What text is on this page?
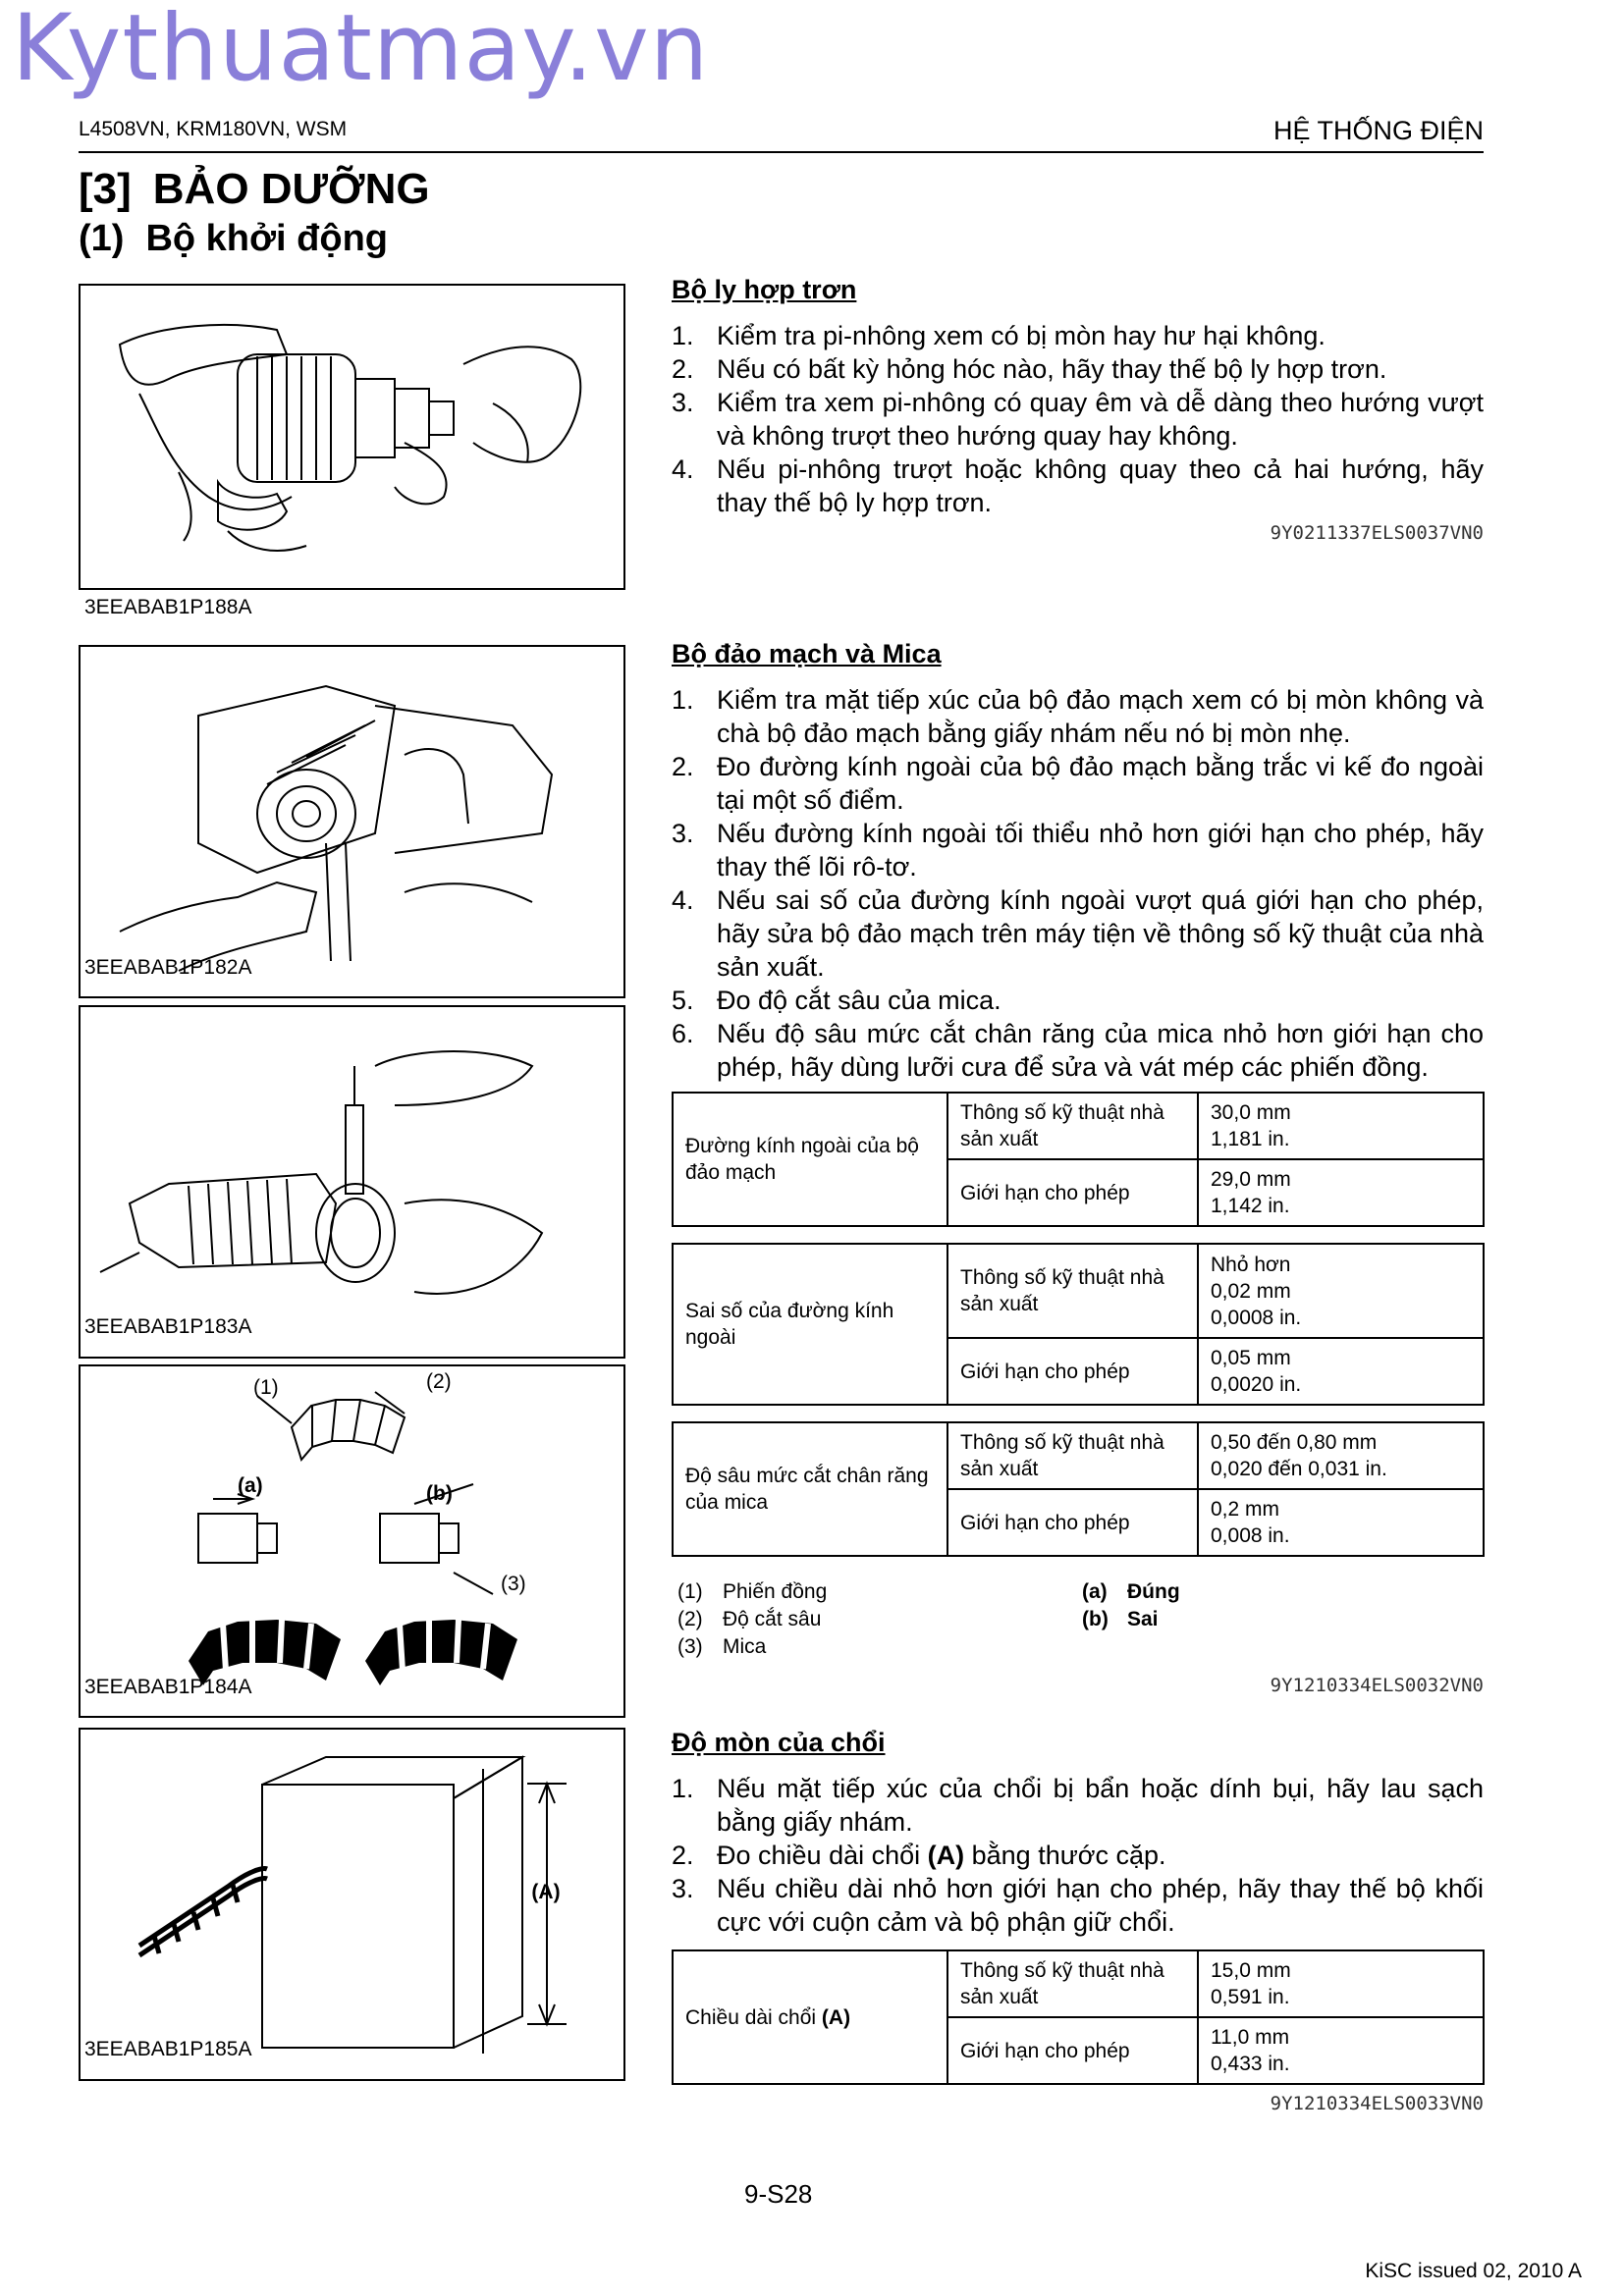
Kythuatmay.vn
L4508VN, KRM180VN, WSM	HỆ THỐNG ĐIỆN
[3] BẢO DƯỠNG
(1) Bộ khởi động
3EEABAB1P188A
3EEABAB1P182A
3EEABAB1P183A
(1)	(2)
(a)	(b)
(3)
3EEABAB1P184A
(A)
3EEABAB1P185A
Bộ ly hợp trơn
1. Kiểm tra pi-nhông xem có bị mòn hay hư hại không.
2. Nếu có bất kỳ hỏng hóc nào, hãy thay thế bộ ly hợp trơn.
3. Kiểm tra xem pi-nhông có quay êm và dễ dàng theo hướng vượt và không trượt theo hướng quay hay không.
4. Nếu pi-nhông trượt hoặc không quay theo cả hai hướng, hãy thay thế bộ ly hợp trơn.
9Y0211337ELS0037VN0
Bộ đảo mạch và Mica
1. Kiểm tra mặt tiếp xúc của bộ đảo mạch xem có bị mòn không và chà bộ đảo mạch bằng giấy nhám nếu nó bị mòn nhẹ.
2. Đo đường kính ngoài của bộ đảo mạch bằng trắc vi kế đo ngoài tại một số điểm.
3. Nếu đường kính ngoài tối thiểu nhỏ hơn giới hạn cho phép, hãy thay thế lõi rô-tơ.
4. Nếu sai số của đường kính ngoài vượt quá giới hạn cho phép, hãy sửa bộ đảo mạch trên máy tiện về thông số kỹ thuật của nhà sản xuất.
5. Đo độ cắt sâu của mica.
6. Nếu độ sâu mức cắt chân răng của mica nhỏ hơn giới hạn cho phép, hãy dùng lưỡi cưa để sửa và vát mép các phiến đồng.
Đường kính ngoài của bộ đảo mạch	Thông số kỹ thuật nhà sản xuất	30,0 mm
1,181 in.

	Giới hạn cho phép	29,0 mm
1,142 in.
Sai số của đường kính ngoài	Thông số kỹ thuật nhà sản xuất	Nhỏ hơn
0,02 mm
0,0008 in.

	Giới hạn cho phép	0,05 mm
0,0020 in.
Độ sâu mức cắt chân răng của mica	Thông số kỹ thuật nhà sản xuất	0,50 đến 0,80 mm
0,020 đến 0,031 in.

	Giới hạn cho phép	0,2 mm
0,008 in.
(1) Phiến đồng
(2) Độ cắt sâu
(3) Mica
(a) Đúng
(b) Sai
9Y1210334ELS0032VN0
Độ mòn của chổi
1. Nếu mặt tiếp xúc của chổi bị bẩn hoặc dính bụi, hãy lau sạch bằng giấy nhám.
2. Đo chiều dài chổi (A) bằng thước cặp.
3. Nếu chiều dài nhỏ hơn giới hạn cho phép, hãy thay thế bộ khối cực với cuộn cảm và bộ phận giữ chổi.
Chiều dài chổi (A)	Thông số kỹ thuật nhà sản xuất	15,0 mm
0,591 in.

	Giới hạn cho phép	11,0 mm
0,433 in.
9Y1210334ELS0033VN0
9-S28
KiSC issued 02, 2010 A
